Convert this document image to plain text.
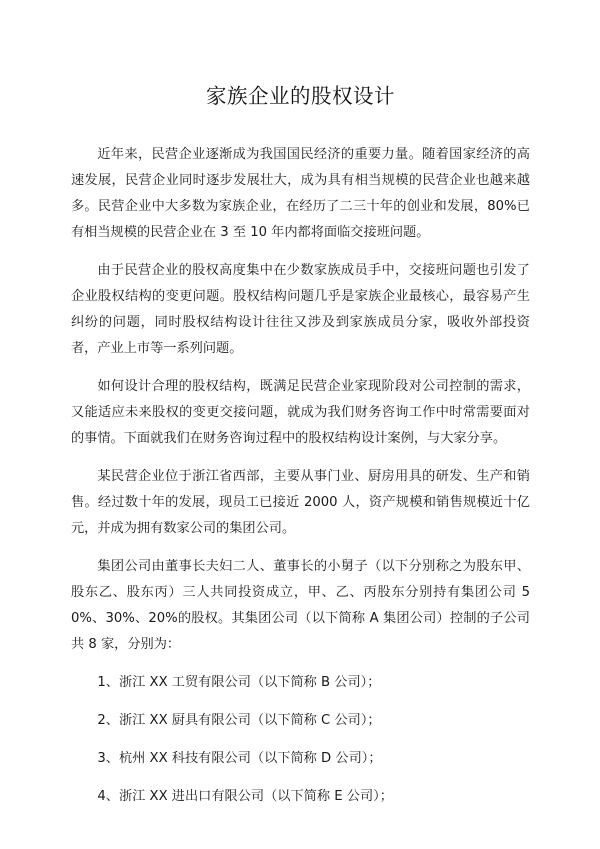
家族企业的股权设计

近年来，民营企业逐渐成为我国国民经济的重要力量。随着国家经济的高速发展，民营企业同时逐步发展壮大，成为具有相当规模的民营企业也越来越多。民营企业中大多数为家族企业，在经历了二三十年的创业和发展，80%已有相当规模的民营企业在 3 至 10 年内都将面临交接班问题。

由于民营企业的股权高度集中在少数家族成员手中，交接班问题也引发了企业股权结构的变更问题。股权结构问题几乎是家族企业最核心，最容易产生纠纷的问题，同时股权结构设计往往又涉及到家族成员分家，吸收外部投资者，产业上市等一系列问题。

如何设计合理的股权结构，既满足民营企业家现阶段对公司控制的需求，又能适应未来股权的变更交接问题，就成为我们财务咨询工作中时常需要面对的事情。下面就我们在财务咨询过程中的股权结构设计案例，与大家分享。

某民营企业位于浙江省西部，主要从事门业、厨房用具的研发、生产和销售。经过数十年的发展，现员工已接近 2000 人，资产规模和销售规模近十亿元，并成为拥有数家公司的集团公司。

集团公司由董事长夫妇二人、董事长的小舅子（以下分别称之为股东甲、股东乙、股东丙）三人共同投资成立，甲、乙、丙股东分别持有集团公司 50%、30%、20%的股权。其集团公司（以下简称 A 集团公司）控制的子公司共 8 家，分别为：

1、浙江 XX 工贸有限公司（以下简称 B 公司）；
2、浙江 XX 厨具有限公司（以下简称 C 公司）；
3、杭州 XX 科技有限公司（以下简称 D 公司）；
4、浙江 XX 进出口有限公司（以下简称 E 公司）；
